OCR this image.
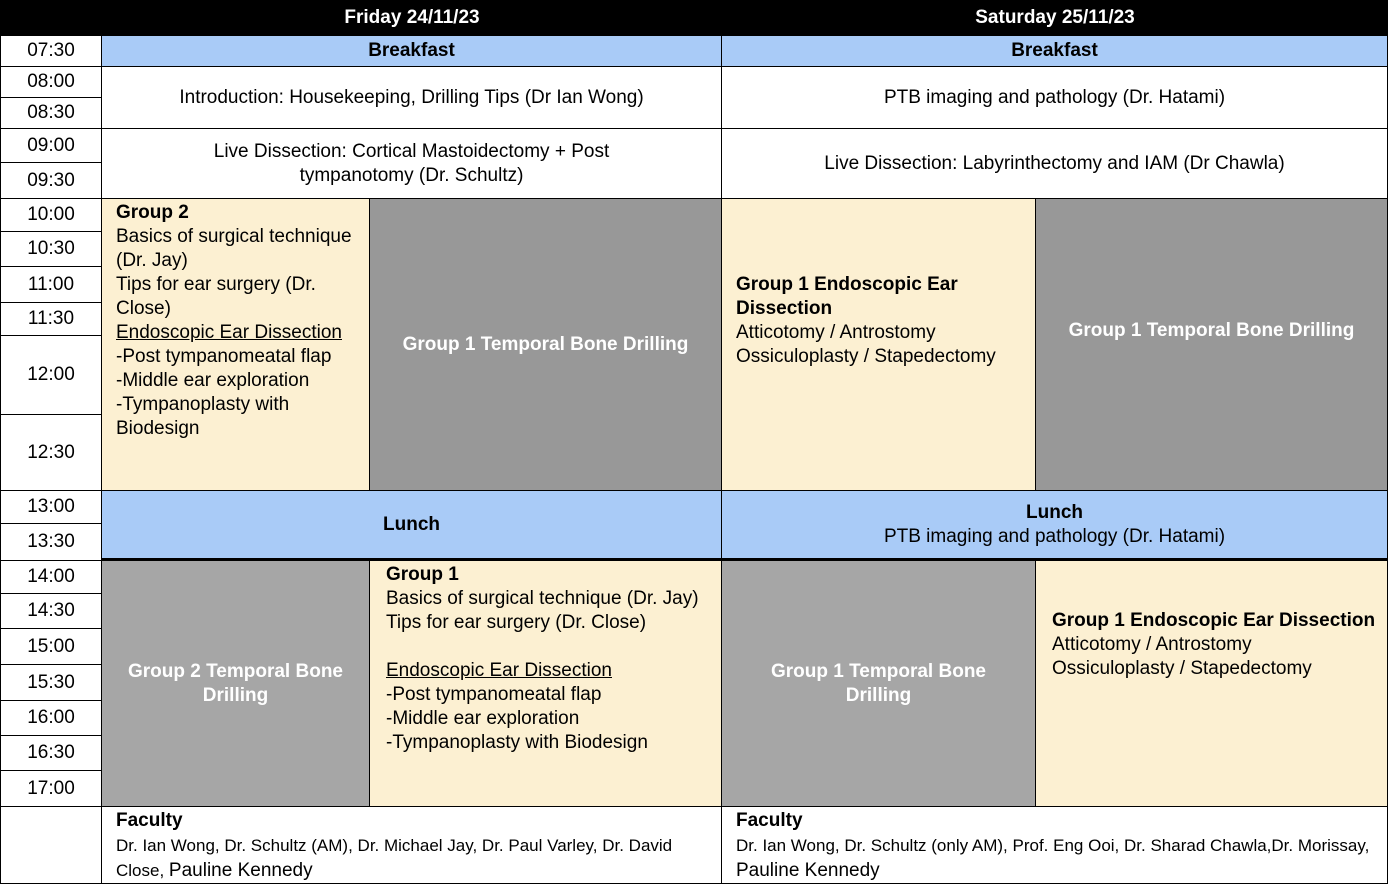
Friday 24/11/23	Saturday 25/11/23
07:30
08:00
08:30
09:00
09:30
10:00
10:30
11:00
11:30
12:00
12:30
13:00
13:30
14:00
14:30
15:00
15:30
16:00
16:30
17:00
Breakfast
Introduction: Housekeeping, Drilling Tips (Dr Ian Wong)
Live Dissection: Cortical Mastoidectomy + Post
tympanotomy (Dr. Schultz)
Group 2
Basics of surgical technique (Dr. Jay)
Tips for ear surgery (Dr. Close)
Endoscopic Ear Dissection
-Post tympanomeatal flap
-Middle ear exploration
-Tympanoplasty with Biodesign
Group 1 Temporal Bone Drilling
Lunch
Group 2 Temporal Bone
Drilling
Group 1
Basics of surgical technique (Dr. Jay)
Tips for ear surgery (Dr. Close)
Endoscopic Ear Dissection
-Post tympanomeatal flap
-Middle ear exploration
-Tympanoplasty with Biodesign
Faculty
Dr. Ian Wong, Dr. Schultz (AM), Dr. Michael Jay, Dr. Paul Varley, Dr. David Close, Pauline Kennedy
Breakfast
PTB imaging and pathology (Dr. Hatami)
Live Dissection: Labyrinthectomy and IAM (Dr Chawla)
Group 1 Endoscopic Ear Dissection
Atticotomy / Antrostomy
Ossiculoplasty / Stapedectomy
Group 1 Temporal Bone Drilling
Lunch
PTB imaging and pathology (Dr. Hatami)
Group 1 Temporal Bone
Drilling
Group 1 Endoscopic Ear Dissection
Atticotomy / Antrostomy
Ossiculoplasty / Stapedectomy
Faculty
Dr. Ian Wong, Dr. Schultz (only AM), Prof. Eng Ooi, Dr. Sharad Chawla,Dr. Morissay, Pauline Kennedy
